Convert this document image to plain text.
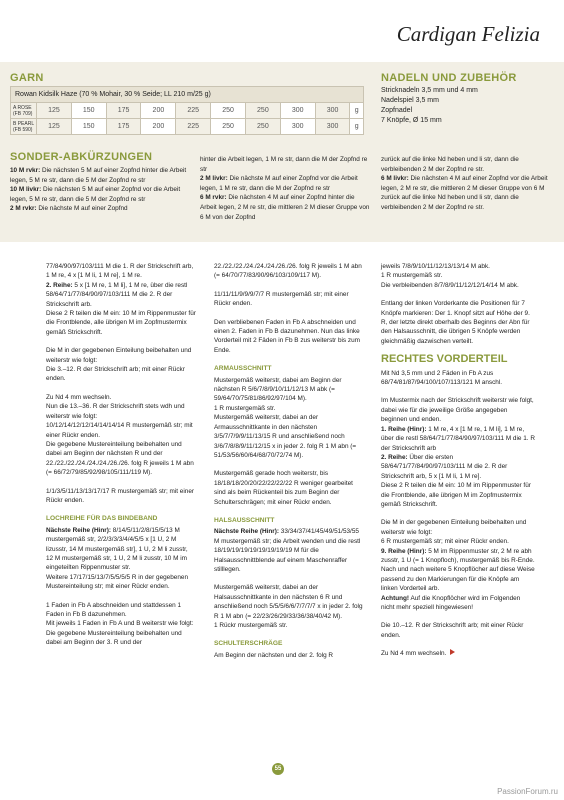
Cardigan Felizia
GARN
Rowan Kidsilk Haze (70 % Mohair, 30 % Seide; LL 210 m/25 g)										
A ROSE
(FB 709)	125	150	175	200	225	250	250	300	300	g
B PEARL
(FB 590)	125	150	175	200	225	250	250	300	300	g
NADELN UND ZUBEHÖR
Stricknadeln 3,5 mm und 4 mm
Nadelspiel 3,5 mm
Zopfnadel
7 Knöpfe, Ø 15 mm
SONDER-ABKÜRZUNGEN
10 M rvkr: Die nächsten 5 M auf einer Zopfnd hinter die Arbeit legen, 5 M re str, dann die 5 M der Zopfnd re str
10 M livkr: Die nächsten 5 M auf einer Zopfnd vor die Arbeit legen, 5 M re str, dann die 5 M der Zopfnd re str
2 M rvkr: Die nächste M auf einer Zopfnd
hinter die Arbeit legen, 1 M re str, dann die M der Zopfnd re str
2 M livkr: Die nächste M auf einer Zopfnd vor die Arbeit legen, 1 M re str, dann die M der Zopfnd re str
6 M rvkr: Die nächsten 4 M auf einer Zopfnd hinter die Arbeit legen, 2 M re str, die mittleren 2 M dieser Gruppe von 6 M von der Zopfnd
zurück auf die linke Nd heben und li str, dann die verbleibenden 2 M der Zopfnd re str.
6 M livkr: Die nächsten 4 M auf einer Zopfnd vor die Arbeit legen, 2 M re str, die mittleren 2 M dieser Gruppe von 6 M zurück auf die linke Nd heben und li str, dann die verbleibenden 2 M der Zopfnd re str.

77/84/90/97/103/111 M die 1. R der Strickschrift arb, 1 M re, 4 x [1 M li, 1 M re], 1 M re.
2. Reihe: 5 x [1 M re, 1 M li], 1 M re, über die restl 58/64/71/77/84/90/97/103/111 M die 2. R der Strickschrift arb.
Diese 2 R teilen die M ein: 10 M im Rippenmuster für die Frontblende, alle übrigen M im Zopfmustermix gemäß Strickschrift.

Die M in der gegebenen Einteilung beibehalten und weiterstr wie folgt:
Die 3.–12. R der Strickschrift arb; mit einer Rückr enden.

Zu Nd 4 mm wechseln.
Nun die 13.–36. R der Strickschrift stets wdh und weiterstr wie folgt:
10/12/14/12/12/14/14/14/14 R mustergemäß str; mit einer Rückr enden.
Die gegebene Mustereinteilung beibehalten und dabei am Beginn der nächsten R und der 22./22./22./24./24./24./26./26. folg R jeweils 1 M abn (= 66/72/79/85/92/98/105/111/119 M).

1/1/3/5/11/13/13/17/17 R mustergemäß str; mit einer Rückr enden.

LOCHREIHE FÜR DAS BINDEBAND

Nächste Reihe (Hinr): 8/14/5/11/2/8/15/5/13 M mustergemäß str, 2/2/3/3/3/4/4/5/5 x [1 U, 2 M lizusstr, 14 M mustergemäß str], 1 U, 2 M li zusstr, 12 M mustergemäß str, 1 U, 2 M li zusstr, 10 M im eingeteilten Rippenmuster str.
Weitere 17/17/15/13/7/5/5/5/5 R in der gegebenen Mustereinteilung str; mit einer Rückr enden.

1 Faden in Fb A abschneiden und stattdessen 1 Faden in Fb B dazunehmen.
Mit jeweils 1 Faden in Fb A und B weiterstr wie folgt:
Die gegebene Mustereinteilung beibehalten und dabei am Beginn der 3. R und der

22./22./22./24./24./24./26./26. folg R jeweils 1 M abn (= 64/70/77/83/90/96/103/109/117 M).

11/11/11/9/9/9/7/7 R mustergemäß str; mit einer Rückr enden.

Den verbliebenen Faden in Fb A abschneiden und einen 2. Faden in Fb B dazunehmen. Nun das linke Vorderteil mit 2 Fäden in Fb B zus weiterstr bis zum Ende.

ARMAUSSCHNITT

Mustergemäß weiterstr, dabei am Beginn der nächsten R 5/6/7/8/9/10/11/12/13 M abk (= 59/64/70/75/81/86/92/97/104 M).
1 R mustergemäß str.
Mustergemäß weiterstr, dabei an der Armausschnittkante in den nächsten 3/5/7/7/9/9/11/13/15 R und anschließend noch 3/6/7/8/8/9/11/12/15 x in jeder 2. folg R 1 M abn (= 51/53/56/60/64/68/70/72/74 M).

Mustergemäß gerade hoch weiterstr, bis 18/18/18/20/20/22/22/22/22 R weniger gearbeitet sind als beim Rückenteil bis zum Beginn der Schulterschrägen; mit einer Rückr enden.

HALSAUSSCHNITT

Nächste Reihe (Hinr): 33/34/37/41/45/49/51/53/55 M mustergemäß str; die Arbeit wenden und die restl 18/19/19/19/19/19/19/19/19 M für die Halsausschnittblende auf einem Maschenraffer stilllegen.

Mustergemäß weiterstr, dabei an der Halsausschnittkante in den nächsten 6 R und anschließend noch 5/5/5/6/6/7/7/7/7 x in jeder 2. folg R 1 M abn (= 22/23/26/29/33/36/38/40/42 M).
1 Rückr mustergemäß str.

SCHULTERSCHRÄGE

Am Beginn der nächsten und der 2. folg R

jeweils 7/8/9/10/11/12/13/13/14 M abk.
1 R mustergemäß str.
Die verbleibenden 8/7/8/9/11/12/12/14/14 M abk.

Entlang der linken Vorderkante die Positionen für 7 Knöpfe markieren: Der 1. Knopf sitzt auf Höhe der 9. R, der letzte direkt oberhalb des Beginns der Abn für den Halsausschnitt, die übrigen 5 Knöpfe werden gleichmäßig dazwischen verteilt.

RECHTES VORDERTEIL

Mit Nd 3,5 mm und 2 Fäden in Fb A zus 68/74/81/87/94/100/107/113/121 M anschl.

Im Mustermix nach der Strickschrift weiterstr wie folgt, dabei wie für die jeweilige Größe angegeben beginnen und enden.
1. Reihe (Hinr): 1 M re, 4 x [1 M re, 1 M li], 1 M re, über die restl 58/64/71/77/84/90/97/103/111 M die 1. R der Strickschrift arb
2. Reihe: Über die ersten 58/64/71/77/84/90/97/103/111 M die 2. R der Strickschrift arb, 5 x [1 M li, 1 M re].
Diese 2 R teilen die M ein: 10 M im Rippenmuster für die Frontblende, alle übrigen M im Zopfmustermix gemäß Strickschrift.

Die M in der gegebenen Einteilung beibehalten und weiterstr wie folgt:
6 R mustergemäß str; mit einer Rückr enden.
9. Reihe (Hinr): 5 M im Rippenmuster str, 2 M re abh zusstr, 1 U (= 1 Knopfloch), mustergemäß bis R-Ende.
Nach und nach weitere 5 Knopflöcher auf diese Weise passend zu den Markierungen für die Knöpfe am linken Vorderteil arb.
Achtung! Auf die Knopflöcher wird im Folgenden nicht mehr speziell hingewiesen!

Die 10.–12. R der Strickschrift arb; mit einer Rückr enden.

Zu Nd 4 mm wechseln.

55
PassionForum.ru
